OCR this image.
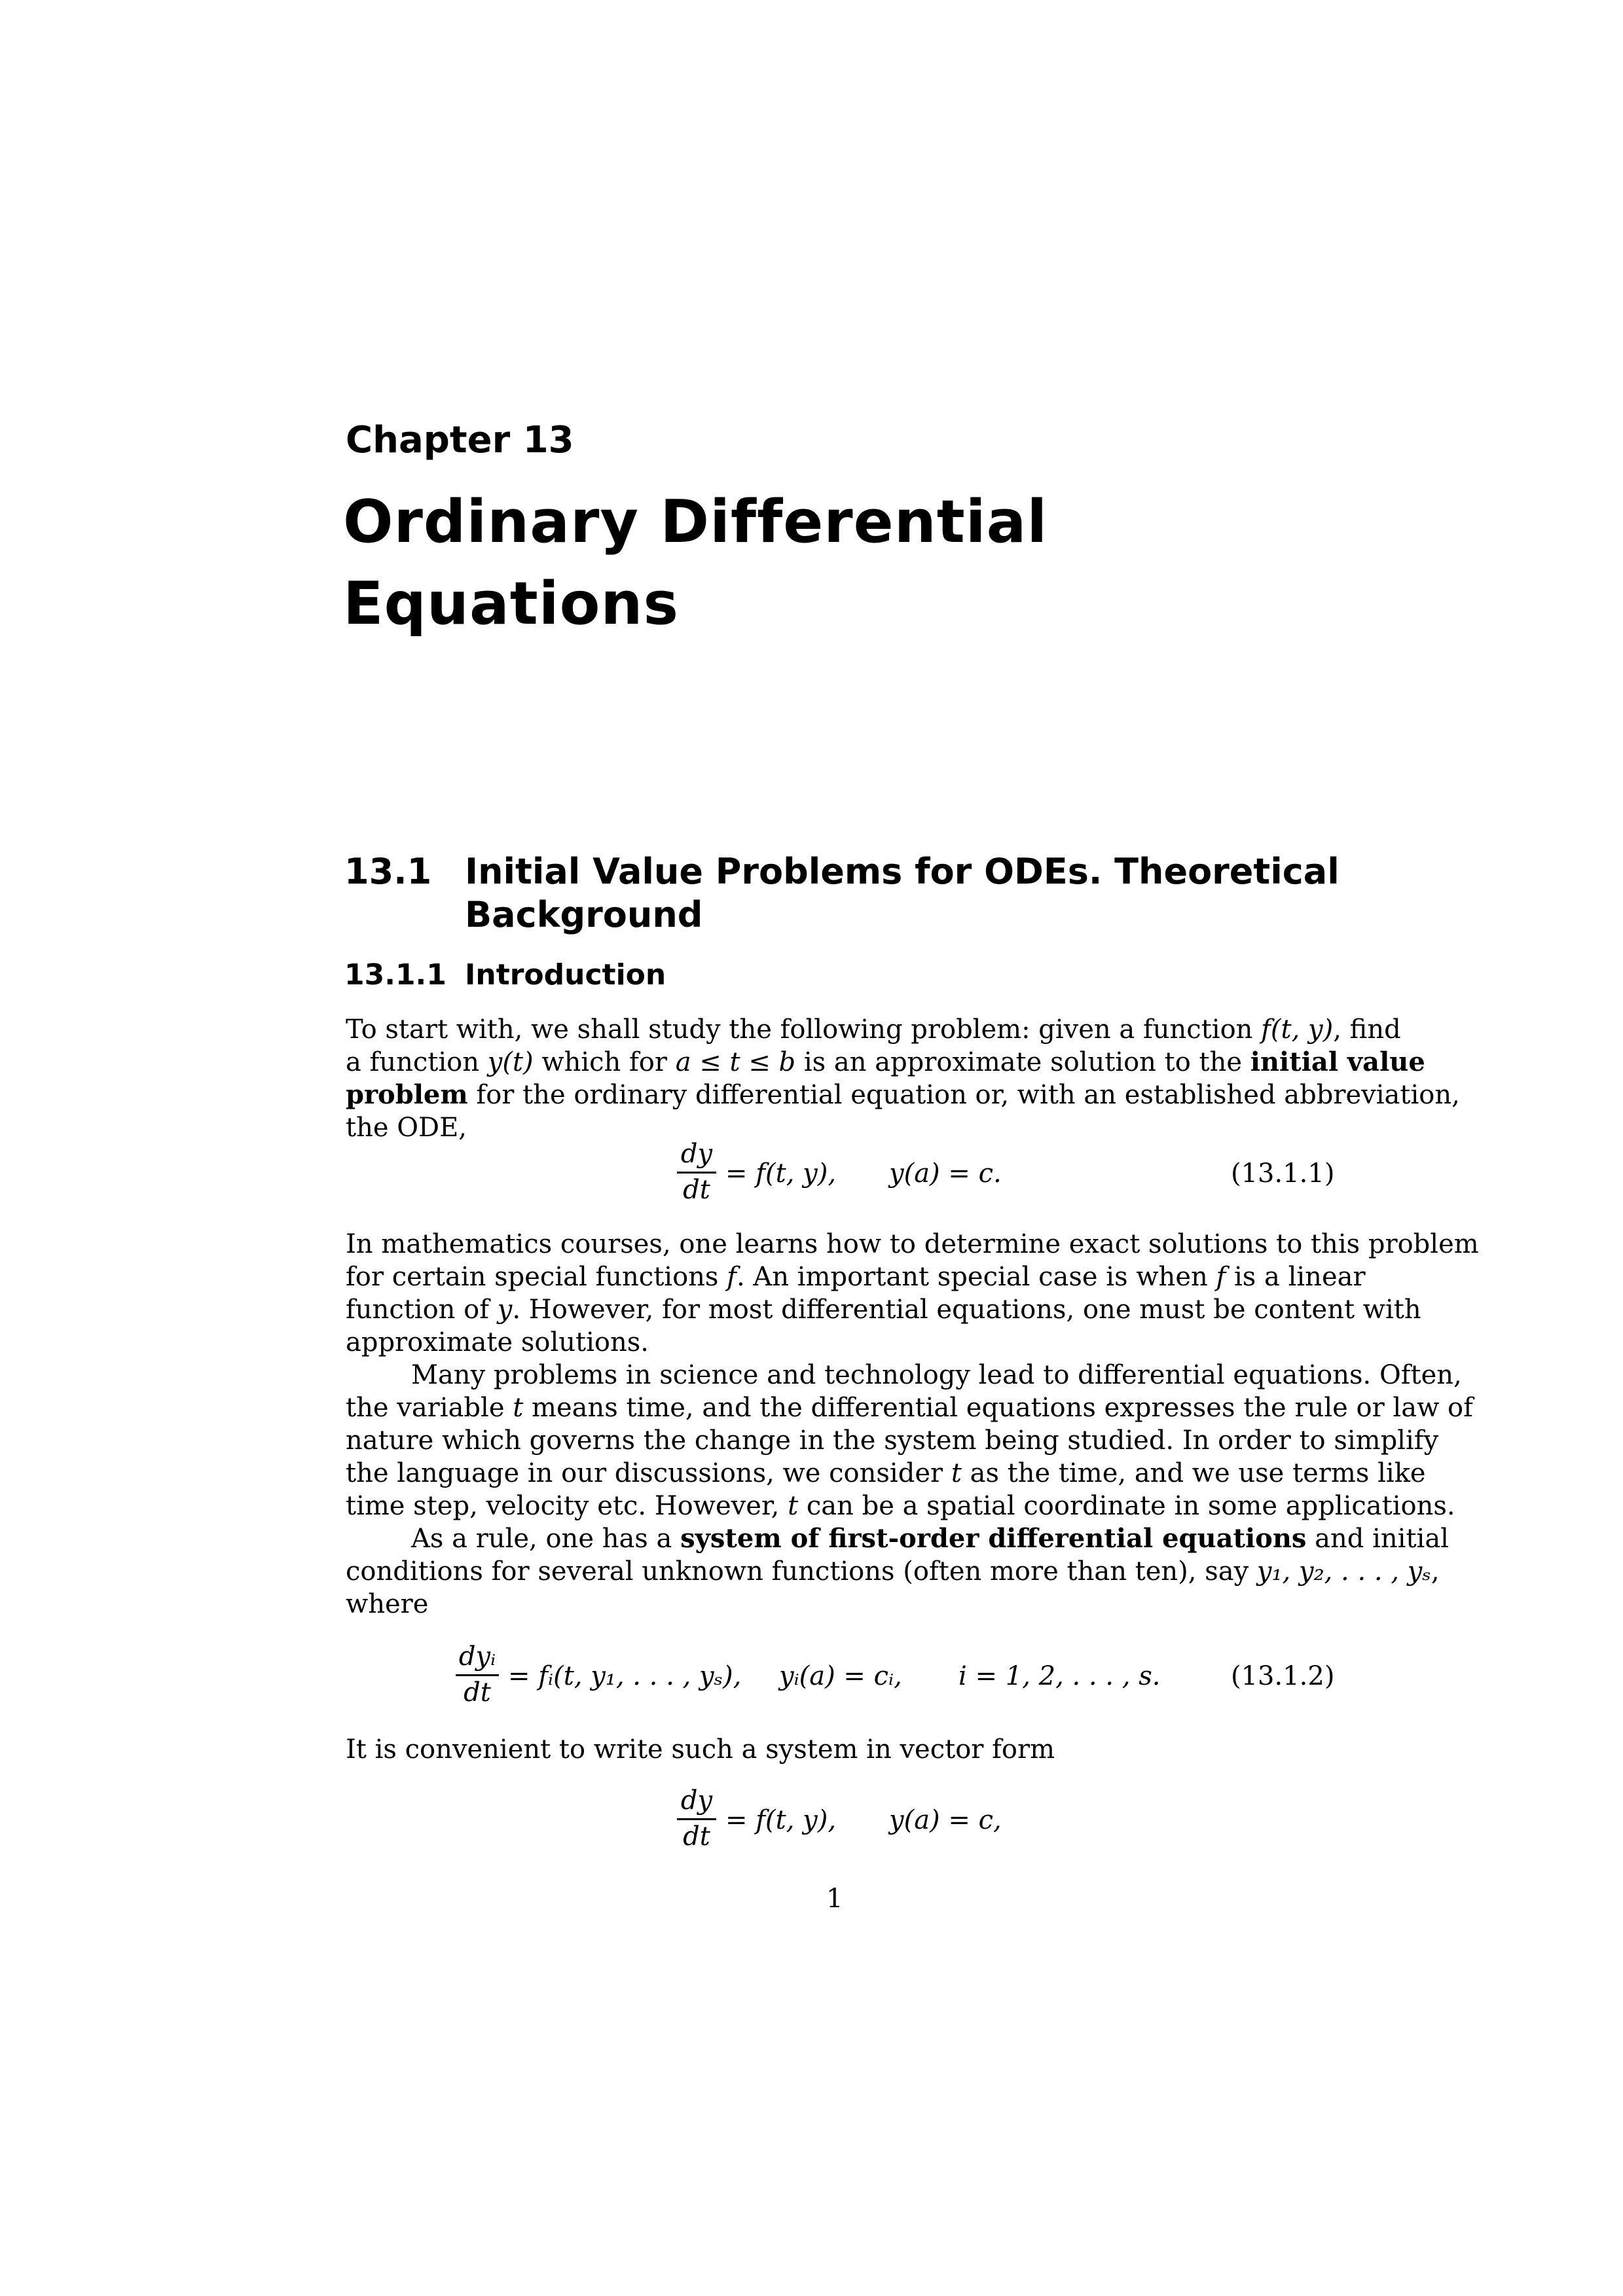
Chapter 13
Ordinary Differential
Equations
13.1 Initial Value Problems for ODEs. Theoretical
Background
13.1.1 Introduction
To start with, we shall study the following problem: given a function f(t, y), find
a function y(t) which for a ≤ t ≤ b is an approximate solution to the initial value
problem for the ordinary differential equation or, with an established abbreviation,
the ODE,
dy
dt
= f(t, y), y(a) = c.	(13.1.1)
In mathematics courses, one learns how to determine exact solutions to this problem
for certain special functions f. An important special case is when f is a linear
function of y. However, for most differential equations, one must be content with
approximate solutions.
Many problems in science and technology lead to differential equations. Often,
the variable t means time, and the differential equations expresses the rule or law of
nature which governs the change in the system being studied. In order to simplify
the language in our discussions, we consider t as the time, and we use terms like
time step, velocity etc. However, t can be a spatial coordinate in some applications.
As a rule, one has a system of first-order differential equations and initial
conditions for several unknown functions (often more than ten), say y₁, y₂, . . . , yₛ,
where
dyᵢ
dt
= fᵢ(t, y₁, . . . , yₛ), yᵢ(a) = cᵢ, i = 1, 2, . . . , s.	(13.1.2)
It is convenient to write such a system in vector form
dy
dt
= f(t, y), y(a) = c,
1
